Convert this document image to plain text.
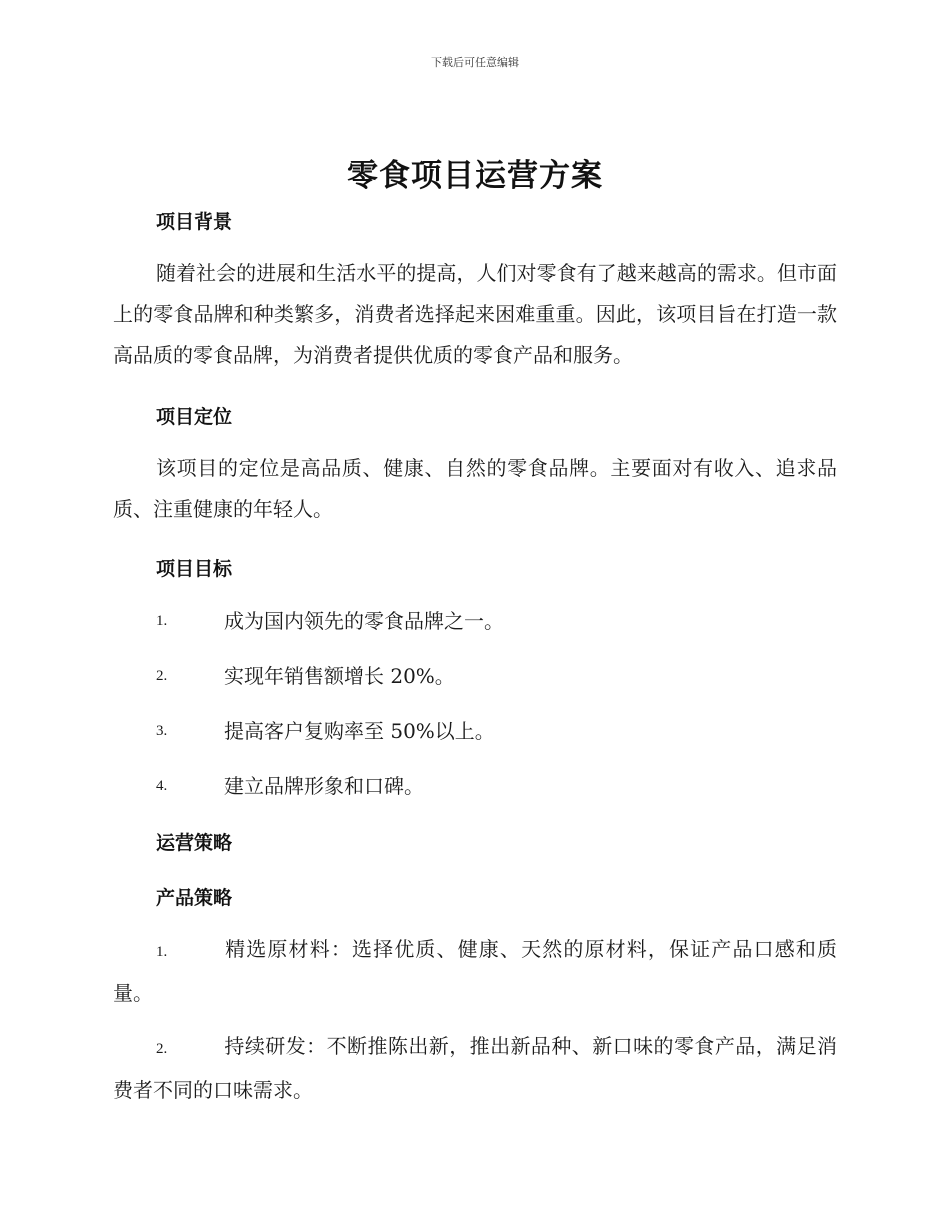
下载后可任意编辑
零食项目运营方案
项目背景

随着社会的进展和生活水平的提高，人们对零食有了越来越高的需求。但市面上的零食品牌和种类繁多，消费者选择起来困难重重。因此，该项目旨在打造一款高品质的零食品牌，为消费者提供优质的零食产品和服务。

项目定位

该项目的定位是高品质、健康、自然的零食品牌。主要面对有收入、追求品质、注重健康的年轻人。

项目目标
1.	成为国内领先的零食品牌之一。
2.	实现年销售额增长 20%。
3.	提高客户复购率至 50%以上。
4.	建立品牌形象和口碑。
运营策略
产品策略

1.	精选原材料：选择优质、健康、天然的原材料，保证产品口感和质量。

2.	持续研发：不断推陈出新，推出新品种、新口味的零食产品，满足消费者不同的口味需求。
